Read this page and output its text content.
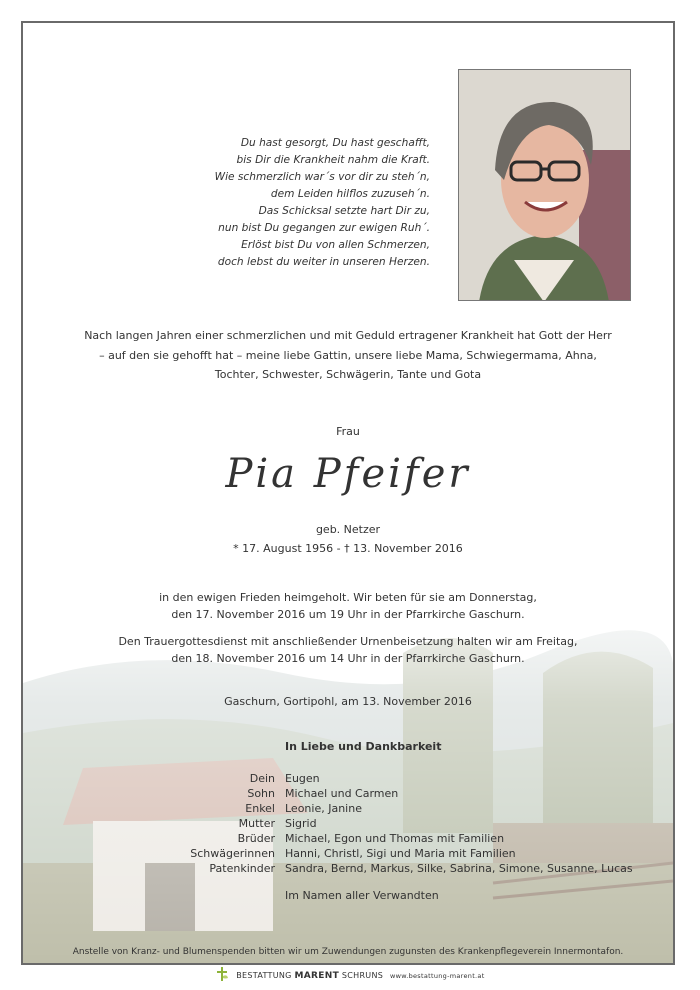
Du hast gesorgt, Du hast geschafft,
bis Dir die Krankheit nahm die Kraft.
Wie schmerzlich war´s vor dir zu steh´n,
dem Leiden hilflos zuzuseh´n.
Das Schicksal setzte hart Dir zu,
nun bist Du gegangen zur ewigen Ruh´.
Erlöst bist Du von allen Schmerzen,
doch lebst du weiter in unseren Herzen.
Nach langen Jahren einer schmerzlichen und mit Geduld ertragener Krankheit hat Gott der Herr
– auf den sie gehofft hat – meine liebe Gattin, unsere liebe Mama, Schwiegermama, Ahna,
Tochter, Schwester, Schwägerin, Tante und Gota
Frau
Pia Pfeifer
geb. Netzer
* 17. August 1956 - † 13. November 2016
in den ewigen Frieden heimgeholt. Wir beten für sie am Donnerstag,
den 17. November 2016 um 19 Uhr in der Pfarrkirche Gaschurn.
Den Trauergottesdienst mit anschließender Urnenbeisetzung halten wir am Freitag,
den 18. November 2016 um 14 Uhr in der Pfarrkirche Gaschurn.
Gaschurn, Gortipohl, am 13. November 2016
In Liebe und Dankbarkeit
Dein Eugen
Sohn Michael und Carmen
Enkel Leonie, Janine
Mutter Sigrid
Brüder Michael, Egon und Thomas mit Familien
Schwägerinnen Hanni, Christl, Sigi und Maria mit Familien
Patenkinder Sandra, Bernd, Markus, Silke, Sabrina, Simone, Susanne, Lucas
Im Namen aller Verwandten
Anstelle von Kranz- und Blumenspenden bitten wir um Zuwendungen zugunsten des Krankenpflegeverein Innermontafon.
BESTATTUNG MARENT SCHRUNS www.bestattung-marent.at
